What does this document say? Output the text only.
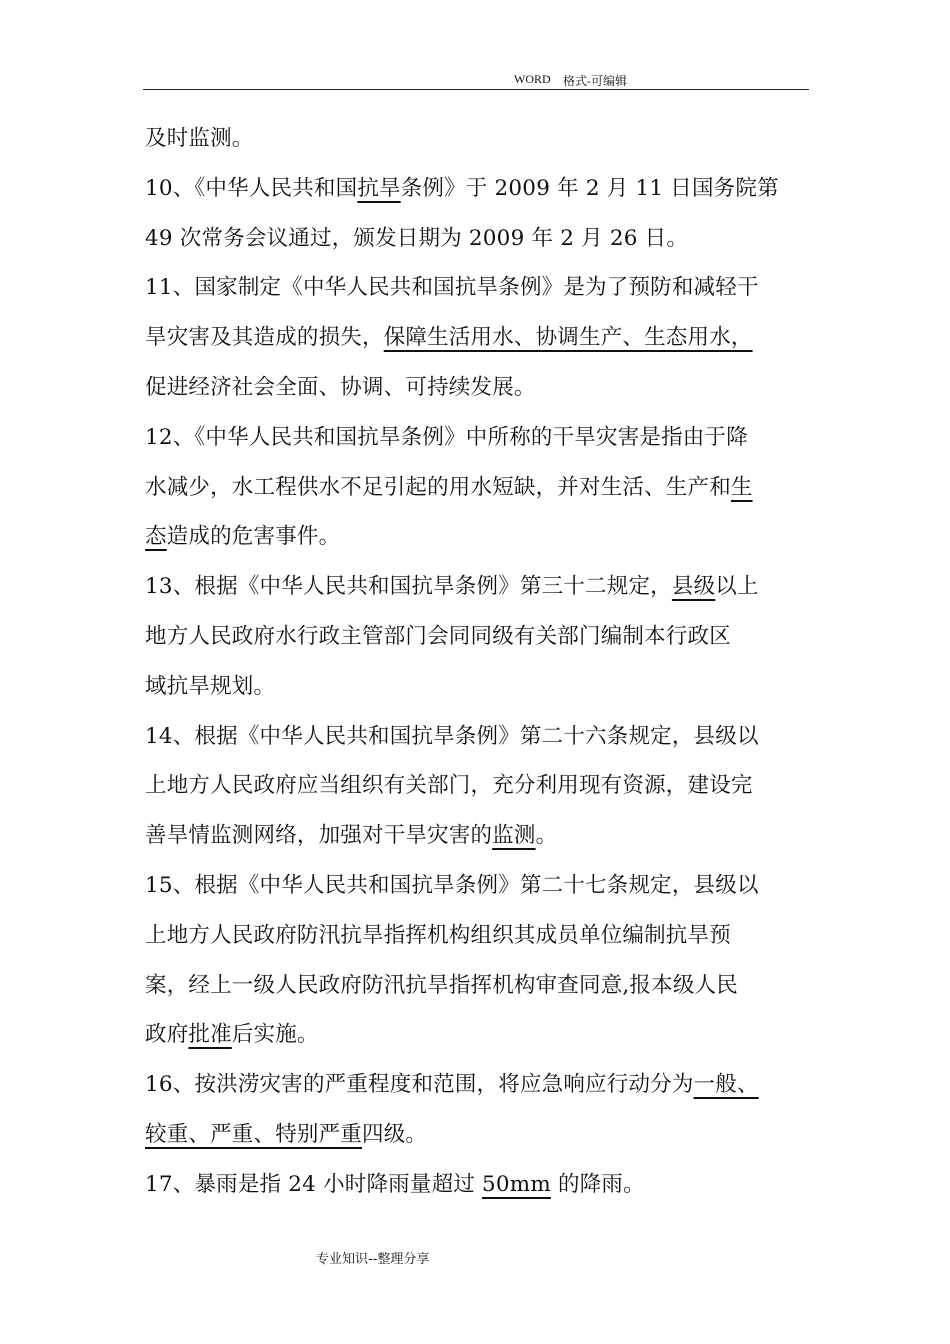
WORD 格式-可编辑
及时监测。
10、《中华人民共和国抗旱条例》于 2009 年 2 月 11 日国务院第
49 次常务会议通过，颁发日期为 2009 年 2 月 26 日。
11、国家制定《中华人民共和国抗旱条例》是为了预防和减轻干
旱灾害及其造成的损失，保障生活用水、协调生产、生态用水，
促进经济社会全面、协调、可持续发展。
12、《中华人民共和国抗旱条例》中所称的干旱灾害是指由于降
水减少，水工程供水不足引起的用水短缺，并对生活、生产和生
态造成的危害事件。
13、根据《中华人民共和国抗旱条例》第三十二规定，县级以上
地方人民政府水行政主管部门会同同级有关部门编制本行政区
域抗旱规划。
14、根据《中华人民共和国抗旱条例》第二十六条规定，县级以
上地方人民政府应当组织有关部门，充分利用现有资源，建设完
善旱情监测网络，加强对干旱灾害的监测。
15、根据《中华人民共和国抗旱条例》第二十七条规定，县级以
上地方人民政府防汛抗旱指挥机构组织其成员单位编制抗旱预
案，经上一级人民政府防汛抗旱指挥机构审查同意,报本级人民
政府批准后实施。
16、按洪涝灾害的严重程度和范围，将应急响应行动分为一般、
较重、严重、特别严重四级。
17、暴雨是指 24 小时降雨量超过 50mm 的降雨。
专业知识--整理分享
